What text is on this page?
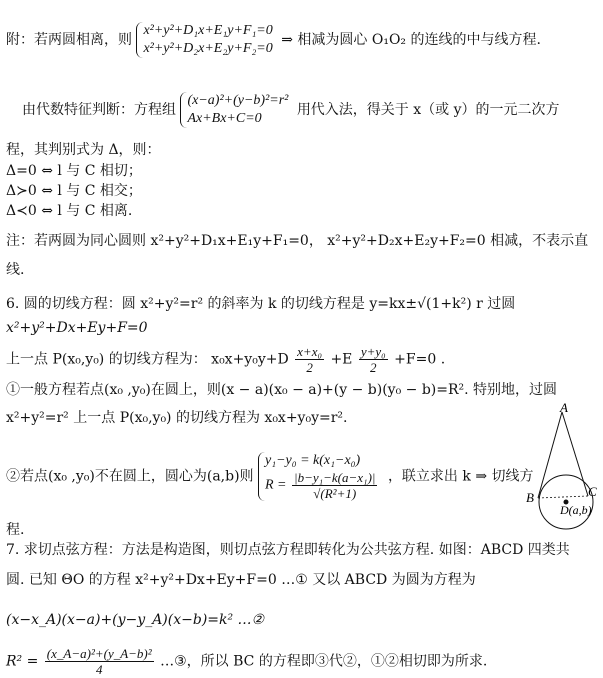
附：若两圆相离，则
x²+y²+D₁x+E₁y+F₁=0
x²+y²+D₂x+E₂y+F₂=0
⇒ 相减为圆心 O₁O₂ 的连线的中与线方程.
由代数特征判断：方程组
(x−a)²+(y−b)²=r²
Ax+Bx+C=0
用代入法，得关于 x（或 y）的一元二次方
程，其判别式为 Δ，则：
Δ=0 ⇔ l 与 C 相切；
Δ≻0 ⇔ l 与 C 相交；
Δ≺0 ⇔ l 与 C 相离.
注：若两圆为同心圆则 x²+y²+D₁x+E₁y+F₁=0， x²+y²+D₂x+E₂y+F₂=0 相减，不表示直
线.
6. 圆的切线方程：圆 x²+y²=r² 的斜率为 k 的切线方程是 y=kx±√(1+k²) r 过圆
x²+y²+Dx+Ey+F=0
上一点 P(x₀,y₀) 的切线方程为： $x_0x+y_0y+D \frac{\text{x+x₀}}{2} +E \frac{\text{y+y₀}}{2} +F=0$ .
①一般方程若点(x₀ ,y₀)在圆上，则(x − a)(x₀ − a)+(y − b)(y₀ − b)=R². 特别地，过圆
x²+y²=r² 上一点 P(x₀,y₀) 的切线方程为 x₀x+y₀y=r².
②若点(x₀ ,y₀)不在圆上，圆心为(a,b)则
y₁−y₀ = k(x₁−x₀)
$R = \frac{\text{|b−y₁−k(a−x₁)|}}{\text{√(R²+1)}}$ ，联立求出 k ⇒ 切线方
程.
7. 求切点弦方程：方法是构造图，则切点弦方程即转化为公共弦方程. 如图：ABCD 四类共
圆. 已知 ΘO 的方程 x²+y²+Dx+Ey+F=0 …① 又以 ABCD 为圆为方程为
(x−x_A)(x−a)+(y−y_A)(x−b)=k² …②
$R^2 = \frac{\text{(x\_A−a)²+(y\_A−b)²}}{4}$ …③，所以 BC 的方程即③代②，①②相切即为所求.
A
B	C
D(a,b)
